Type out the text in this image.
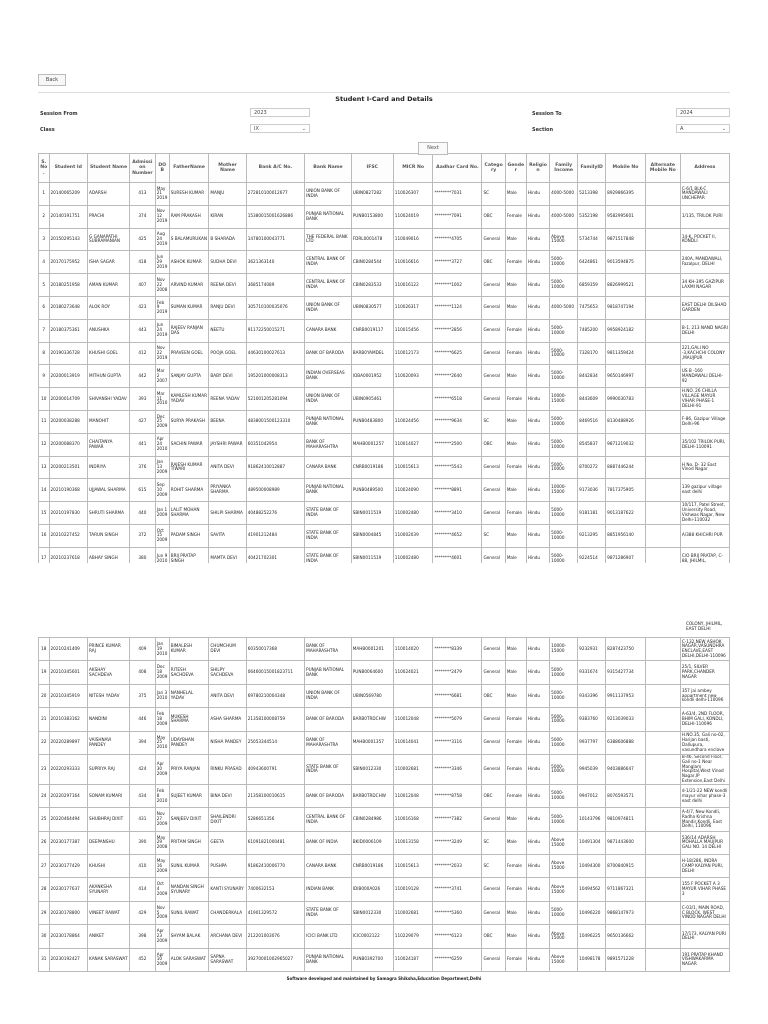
Back
Student I-Card and Details
Session From	2023	Session To	2024
Class	IX	⌄	Section	A	⌄
Next
S. No.	Student Id	Student Name	Admission Number	DOB	FatherName	Mother Name	Bank A/C No.	Bank Name	IFSC	MICR No	Aadhar Card No.	Category	Gender	Religion	Family Income	FamilyID	Mobile No	Alternate Mobile No	Address
1	20140065209	ADARSH	413	May 21 2019	SURESH KUMAR	MANJU	272810100012677	UNION BANK OF INDIA	UBIN0827282	110026307	********7031	SC	Male	Hindu	4000-5000	5213398	8929866395		C-6/1 BLK-C MANDAWALI UNCHEPAR
2	20140191751	PRACHI	374	Nov 12 2019	RAM PRAKASH	KIRAN	15380015001626886	PUNJAB NATIONAL BANK	PUNB0153800	110024019	********7091	OBC	Female	Hindu	4000-5000	5352198	9582995601		1/135, TRILOK PURI
3	20150295143	G GANAPATHI SUBRAMANIAN	425	Aug 24 2019	S BALAMURUKAN	B SHARADA	14780100043771	THE FEDERAL BANK LTD	FDRL0001478	110049016	********4705	General	Male	Hindu	Above 15000	5734744	9871517848		14-K, POCKET II, KONDLI
4	20170175952	ISHA SAGAR	418	Jun 29 2019	ASHOK KUMAR	SUDHA DEVI	3621363140	CENTRAL BANK OF INDIA	CBIN0284544	110016616	********3727	OBC	Female	Hindu	5000-10000	6424861	9013594875		240A, MANDAWALI, Fazalpur, DELHI
5	20180251958	AMAN KUMAR	407	Nov 22 2008	ARVIND KUMAR	REENA DEVI	3685174089	CENTRAL BANK OF INDIA	CBIN0283533	110016122	********1002	General	Male	Hindu	5000-10000	6859359	8826999521		34 KH-395 GAZIPUR LAXMI NAGAR
6	20180273648	ALOK ROY	423	Feb 9 2019	SUMAN KUMAR	RANJU DEVI	305710100035076	UNION BANK OF INDIA	UBIN0830577	110026317	********1124	General	Male	Hindu	4000-5000	7475653	9818747194		EAST DELHI DILSHAD GARDEN
7	20180375361	ANUSHKA	443	Jun 24 2019	RAJEEV RANJAN DAS	NEETU	91172250015271	CANARA BANK	CNRB0019117	110015456	********2856	General	Female	Hindu	5000-10000	7485200	9958924182		B-1, 213 NAND NAGRI DELHI
8	20190336728	KHUSHI GOEL	412	Nov 22 2019	PRAVEEN GOEL	POOJA GOEL	44630100027613	BANK OF BARODA	BARB0YAMDEL	110012173	********6625	General	Female	Hindu	5000-10000	7328170	9811359424		221,GALI NO -3,KACHCHI COLONY ,MAUJPUR
9	20200013919	MITHUN GUPTA	442	Mar 2 2007	SANJAY GUPTA	BABY DEVI	195201000008313	INDIAN OVERSEAS BANK	IOBA0001952	110020093	********2640	General	Male	Hindu	5000-10000	8442834	9650146997		US B -160 MANDAWALI DELHI-92
10	20200014709	SHIVANSHI YADAV	393	Mar 11 2010	KAMLESH KUMAR YADAV	REENA YADAV	521001205281094	UNION BANK OF INDIA	UBIN0905461		********6518	General	Female	Hindu	10000-15000	8443609	9990030783		H.NO. 26 CHILLA VILLAGE MAYUR VIHAR PHASE-1 DELHI-91
11	20200038288	MANOHIT	427	Dec 25 2009	SURYA PRAKASH	BEENA	4838001500123310	PUNJAB NATIONAL BANK	PUNB0483800	110024456	********9634	SC	Male	Hindu	5000-10000	8469516	8130488926		F-86, Gazipur Village Delhi-96
12	20200088370	CHAITANYA PAWAR	441	Apr 24 2010	SACHIN PAWAR	JAYSHRI PAWAR	60351042954	BANK OF MAHARASHTRA	MAHB0001257	110014027	********2500	OBC	Male	Hindu	5000-10000	8545837	9871219032		35/102 TRILOK PURI, DELHI-110091
13	20200213501	INDRIYA	376	Jan 13 2009	RAJESH KUMAR TIWARI	ANITA DEVI	91862410012887	CANARA BANK	CNRB0019186	110015613	********5543	General	Female	Hindu	5000-10000	8700272	8887446244		H No. D- 32 East Vinod Nagar
14	20210190368	UJJAWAL SHARMA	615	Sep 10 2009	ROHIT SHARMA	PRIYANKA SHARMA	489500008989	PUNJAB NATIONAL BANK	PUNB0489500	110024090	********8891	General	Male	Hindu	10000-15000	9173036	7817375905		139 gazipur village east delhi
15	20210197830	SHRUTI SHARMA	440	Jan 1 2009	LALIT MOHAN SHARMA	SHILPI SHARMA	40488252276	STATE BANK OF INDIA	SBIN0011519	110002480	********3410	General	Female	Hindu	5000-10000	9181181	9013187622		10/117, Patel Street, University Road, Vishwas Nagar, New Delhi-110032
16	20210227452	TARUN SINGH	372	Oct 15 2009	PADAM SINGH	SAVITA	41901212484	STATE BANK OF INDIA	SBIN0004845	110002039	********4652	SC	Male	Hindu	5000-10000	9213295	8851956140		A/388 KHICHRI PUR
17	20210237618	ABHAY SINGH	380	Jun 9 2010	BRIJ PRATAP SINGH	MAMTA DEVI	40421702301	STATE BANK OF INDIA	SBIN0011519	110002480	********4601	General	Male	Hindu	5000-10000	9224514	9871286907		C/O BRIJ PRATAP, C-88, JHILMIL,
COLONY, JHILMIL, EAST DELHI
18	20210241409	PRINCE KUMAR RAJ	409	Jan 19 2010	BIMALESH KUMAR	CHUMCHUM DEVI	60350017368	BANK OF MAHARASHTRA	MAHB0001201	110014020	********8339	General	Male	Hindu	10000-15000	9232931	8287423750		C-132,NEW ASHOK NAGAR,VASUNDHRA ENCLAVE,EAST DELHI,DELHI-110096
19	20210345601	AKSHAY SACHDEVA	408	Dec 18 2009	RITESH SACHDEVA	SHILPY SACHDEVA	06460015001823711	PUNJAB NATIONAL BANK	PUNB0064600	110024021	********2479	General	Male	Hindu	5000-10000	9331674	9315427734		25/1, SILVER PARK,CHANDER NAGAR
20	20210345919	NITESH YADAV	375	Jan 3 2010	NANHELAL YADAV	ANITA DEVI	69780210004348	UNION BANK OF INDIA	UBIN0569780		********6681	OBC	Male	Hindu	5000-10000	9343396	9911137953		357 jai ambey appartment new kondli delhi-110096
21	20210383162	NANDINI	446	Feb 18 2009	MUKESH SHARMA	ASHA SHARMA	21358100008759	BANK OF BARODA	BARB0TRDCHW	110012048	********5079	General	Female	Hindu	5000-10000	9383760	9213039033		A-63/4, 2ND FLOOR, BHIM GALI, KONDLI, DELHI-110096
22	20220289897	VAISHNAVI PANDEY	394	May 25 2010	UDAYBHAN PANDEY	NISHA PANDEY	25053344514	BANK OF MAHARASHTRA	MAHB0001357	110014041	********3116	General	Female	Hindu	5000-10000	9937797	6388606888		H.NO.35, Gali no-02, Harijan basti, Dallupura, vasundhara enclave
23	20220293333	SUPRIYA RAJ	424	Apr 30 2009	PRIYA RANJAN	RINKU PRASAD	40943600791	STATE BANK OF INDIA	SBIN0012330	110002681	********3346	General	Female	Hindu	5000-10000	9945039	9403886647		B-46, Second Floor, Gali no-1 Near Manglam Hospital,West Vinod Nagar,IP Extension,East Delhi
24	20220297164	SONAM KUMARI	434	Feb 8 2010	SUJEET KUMAR	BINA DEVI	21358100010615	BANK OF BARODA	BARB0TRDCHW	110012048	********8758	OBC	Female	Hindu	5000-10000	9947012	8076593571		d-1/21-22 NEW kondli mayur vihar phase-3 east delhi
25	20220464494	SHUBHRAJ DIXIT	431	Nov 27 2009	SANJEEV DIXIT	SHAILENDRI DIXIT	5286651356	CENTRAL BANK OF INDIA	CBIN0284986	110016168	********7382	General	Male	Hindu	5000-10000	10143796	9810974811		A-4/7, New Kondli, Radha Krishna Mandir,Kondli, East Delhi, 110096
26	20230177387	DEEPANSHU	390	May 29 2008	PRITAM SINGH	GEETA	61091821000481	BANK OF INDIA	BKID0006109	110013158	********3249	SC	Male	Hindu	Above 15000	10491304	9871443600		536/14 ADARSH MOHALLA MAUJPUR GALI NO. 14 DELHI
27	20230177429	KHUSHI	410	May 16 2009	SUNIL KUMAR	PUSHPA	91862410006770	CANARA BANK	CNRB0019186	110015613	********2033	SC	Female	Hindu	Above 15000	10494300	8700840915		H-18/286, INDRA CAMP KALYAN PURI, DELHI
28	20230177637	AKANKSHA SYUNARY	414	Oct 4 2009	NANDAN SINGH SYUNARY	KANTI SYUNARY	7400632153	INDIAN BANK	IDIB000A026	110019128	********3741	General	Female	Hindu	Above 15000	10494562	9711867321		155 F POCKET A 3 MAYUR VIHAR PHASE 3
29	20230178800	VINEET RAWAT	429	Nov 5 2009	SUNIL RAWAT	CHANDERKALA	41901329572	STATE BANK OF INDIA	SBIN0012330	110002681	********5360	General	Male	Hindu	5000-10000	10496220	9868147973		C-03/1, MAIN ROAD, C BLOCK, WEST VINOD NAGAR DELHI
30	20230178864	ANIKET	398	Apr 23 2009	SHYAM BALAK	ARCHANA DEVI	212201003076	ICICI BANK LTD	ICIC0002122	110229079	********6123	OBC	Male	Hindu	Above 15000	10496225	9650136662		17/173, KALYAN PURI DELHI
31	20230192427	KANAK SARASWAT	452	Apr 10 2009	ALOK SARASWAT	SAPNA SARASWAT	39270001002965027	PUNJAB NATIONAL BANK	PUNB0392700	110024187	********6259	General	Female	Hindu	Above 15000	10498178	9891571228		191 PRATAP KHAND VISHWAKARMA NAGAR
Software developed and maintained by Samagra Shiksha,Education Department,Delhi
